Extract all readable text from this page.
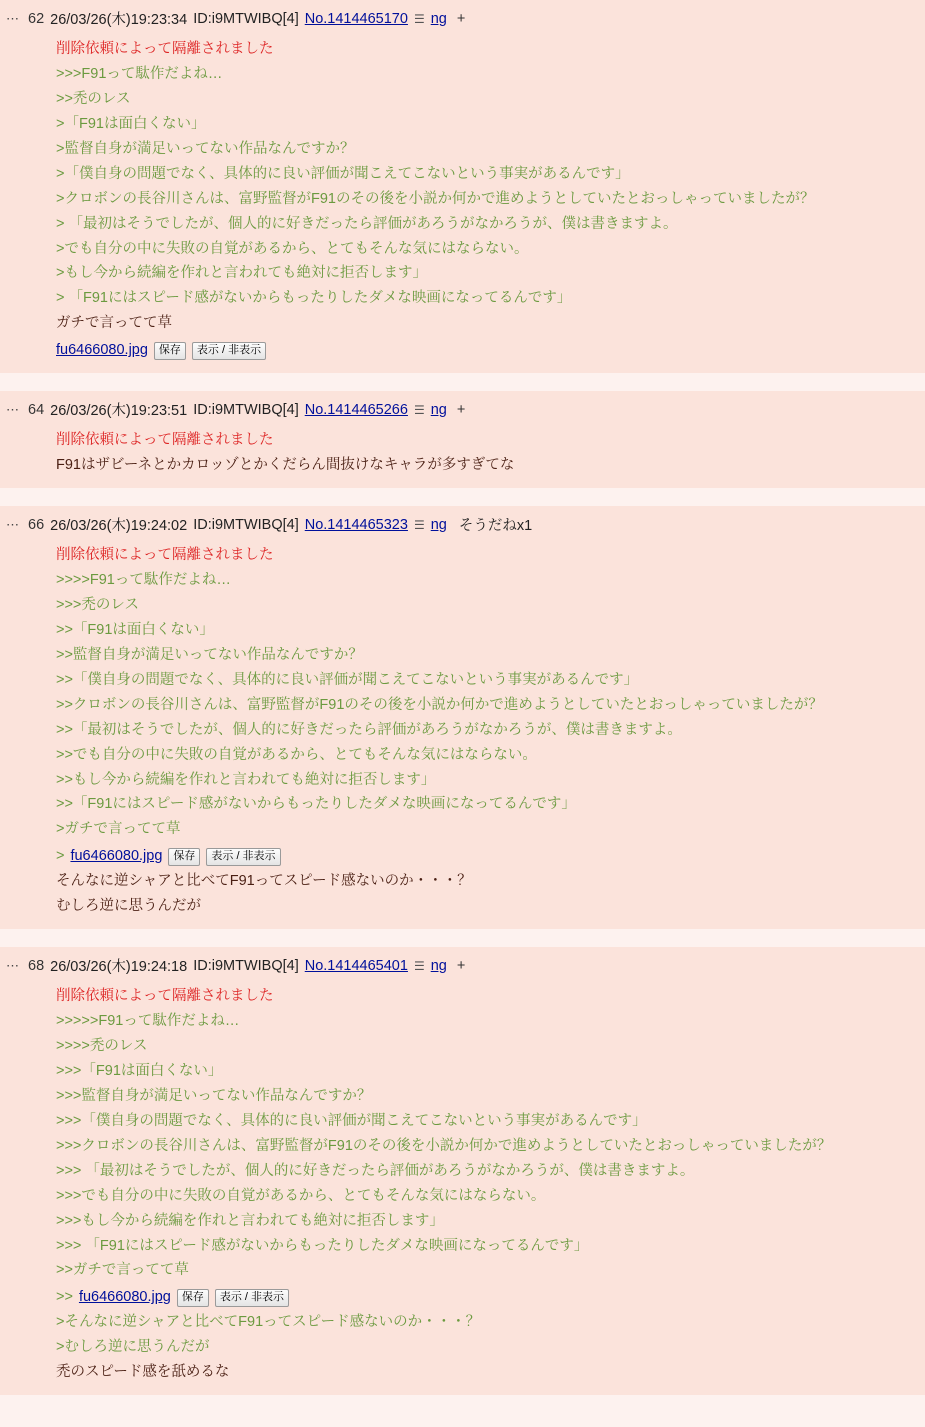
⋯ 62 26/03/26(木)19:23:34 ID:i9MTWIBQ[4] No.1414465170 ☰ ng +
削除依頼によって隔離されました
>>>F91って駄作だよね…
>>禿のレス
>「F91は面白くない」
>監督自身が満足いってない作品なんですか？
>「僕自身の問題でなく、具体的に良い評価が聞こえてこないという事実があるんです」
>クロボンの長谷川さんは、富野監督がF91のその後を小説か何かで進めようとしていたとおっしゃっていましたが？
> 「最初はそうでしたが、個人的に好きだったら評価があろうがなかろうが、僕は書きますよ。
>でも自分の中に失敗の自覚があるから、とてもそんな気にはならない。
>もし今から続編を作れと言われても絶対に拒否します」
> 「F91にはスピード感がないからもったりしたダメな映画になってるんです」
ガチで言ってて草
fu6466080.jpg	保存	表示 / 非表示
⋯ 64 26/03/26(木)19:23:51 ID:i9MTWIBQ[4] No.1414465266 ☰ ng +
削除依頼によって隔離されました
F91はザビーネとかカロッゾとかくだらん間抜けなキャラが多すぎてな
⋯ 66 26/03/26(木)19:24:02 ID:i9MTWIBQ[4] No.1414465323 ☰ ng そうだねx1
削除依頼によって隔離されました
>>>>F91って駄作だよね…
>>>禿のレス
>>「F91は面白くない」
>>監督自身が満足いってない作品なんですか？
>>「僕自身の問題でなく、具体的に良い評価が聞こえてこないという事実があるんです」
>>クロボンの長谷川さんは、富野監督がF91のその後を小説か何かで進めようとしていたとおっしゃっていましたが？
>>「最初はそうでしたが、個人的に好きだったら評価があろうがなかろうが、僕は書きますよ。
>>でも自分の中に失敗の自覚があるから、とてもそんな気にはならない。
>>もし今から続編を作れと言われても絶対に拒否します」
>>「F91にはスピード感がないからもったりしたダメな映画になってるんです」
>ガチで言ってて草
> fu6466080.jpg	保存	表示 / 非表示
そんなに逆シャアと比べてF91ってスピード感ないのか・・・？
むしろ逆に思うんだが
⋯ 68 26/03/26(木)19:24:18 ID:i9MTWIBQ[4] No.1414465401 ☰ ng +
削除依頼によって隔離されました
>>>>>F91って駄作だよね…
>>>>禿のレス
>>>「F91は面白くない」
>>>監督自身が満足いってない作品なんですか？
>>>「僕自身の問題でなく、具体的に良い評価が聞こえてこないという事実があるんです」
>>>クロボンの長谷川さんは、富野監督がF91のその後を小説か何かで進めようとしていたとおっしゃっていましたが？
>>> 「最初はそうでしたが、個人的に好きだったら評価があろうがなかろうが、僕は書きますよ。
>>>でも自分の中に失敗の自覚があるから、とてもそんな気にはならない。
>>>もし今から続編を作れと言われても絶対に拒否します」
>>> 「F91にはスピード感がないからもったりしたダメな映画になってるんです」
>>ガチで言ってて草
>> fu6466080.jpg	保存	表示 / 非表示
>そんなに逆シャアと比べてF91ってスピード感ないのか・・・？
>むしろ逆に思うんだが
禿のスピード感を舐めるな
